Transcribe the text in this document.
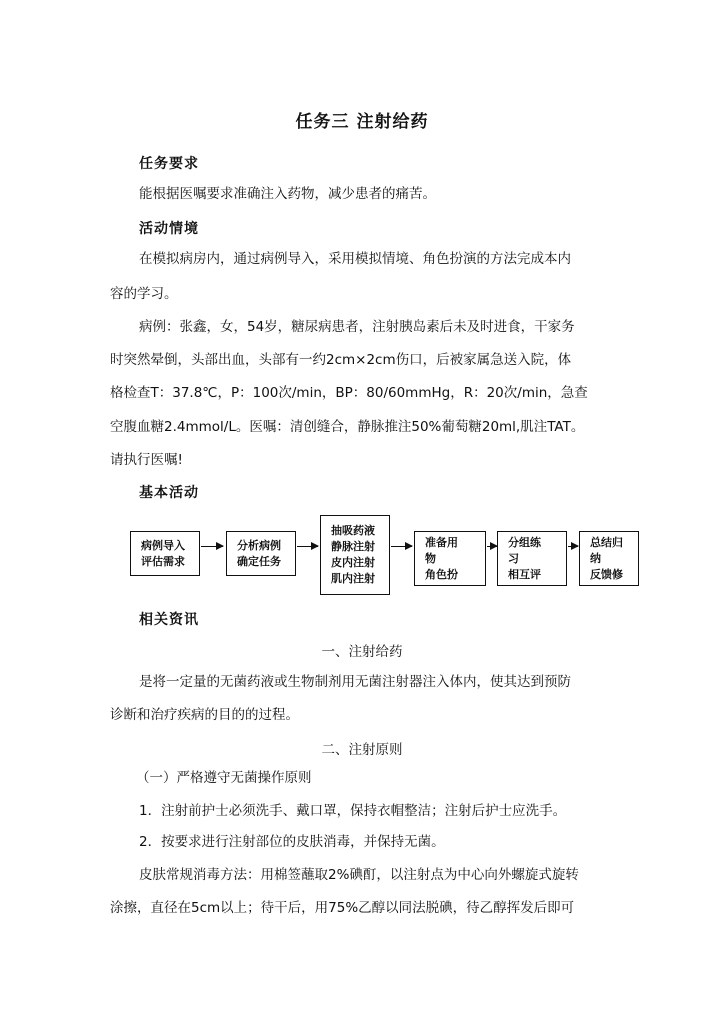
任务三 注射给药
任务要求
能根据医嘱要求准确注入药物，减少患者的痛苦。
活动情境
在模拟病房内，通过病例导入，采用模拟情境、角色扮演的方法完成本内
容的学习。
病例：张鑫，女，54岁，糖尿病患者，注射胰岛素后未及时进食，干家务
时突然晕倒，头部出血，头部有一约2cm×2cm伤口，后被家属急送入院，体
格检查T：37.8℃，P：100次/min，BP：80/60mmHg，R：20次/min，急查
空腹血糖2.4mmol/L。医嘱：清创缝合，静脉推注50%葡萄糖20ml,肌注TAT。
请执行医嘱!
基本活动
病例导入
评估需求
分析病例
确定任务
抽吸药液
静脉注射
皮内注射
肌内注射
准备用
物
角色扮
分组练
习
相互评
总结归
纳
反馈修
相关资讯
一、注射给药
是将一定量的无菌药液或生物制剂用无菌注射器注入体内，使其达到预防
诊断和治疗疾病的目的的过程。
二、注射原则
（一）严格遵守无菌操作原则
1．注射前护士必须洗手、戴口罩，保持衣帽整洁；注射后护士应洗手。
2．按要求进行注射部位的皮肤消毒，并保持无菌。
皮肤常规消毒方法：用棉签蘸取2%碘酊，以注射点为中心向外螺旋式旋转
涂擦，直径在5cm以上；待干后，用75%乙醇以同法脱碘，待乙醇挥发后即可
